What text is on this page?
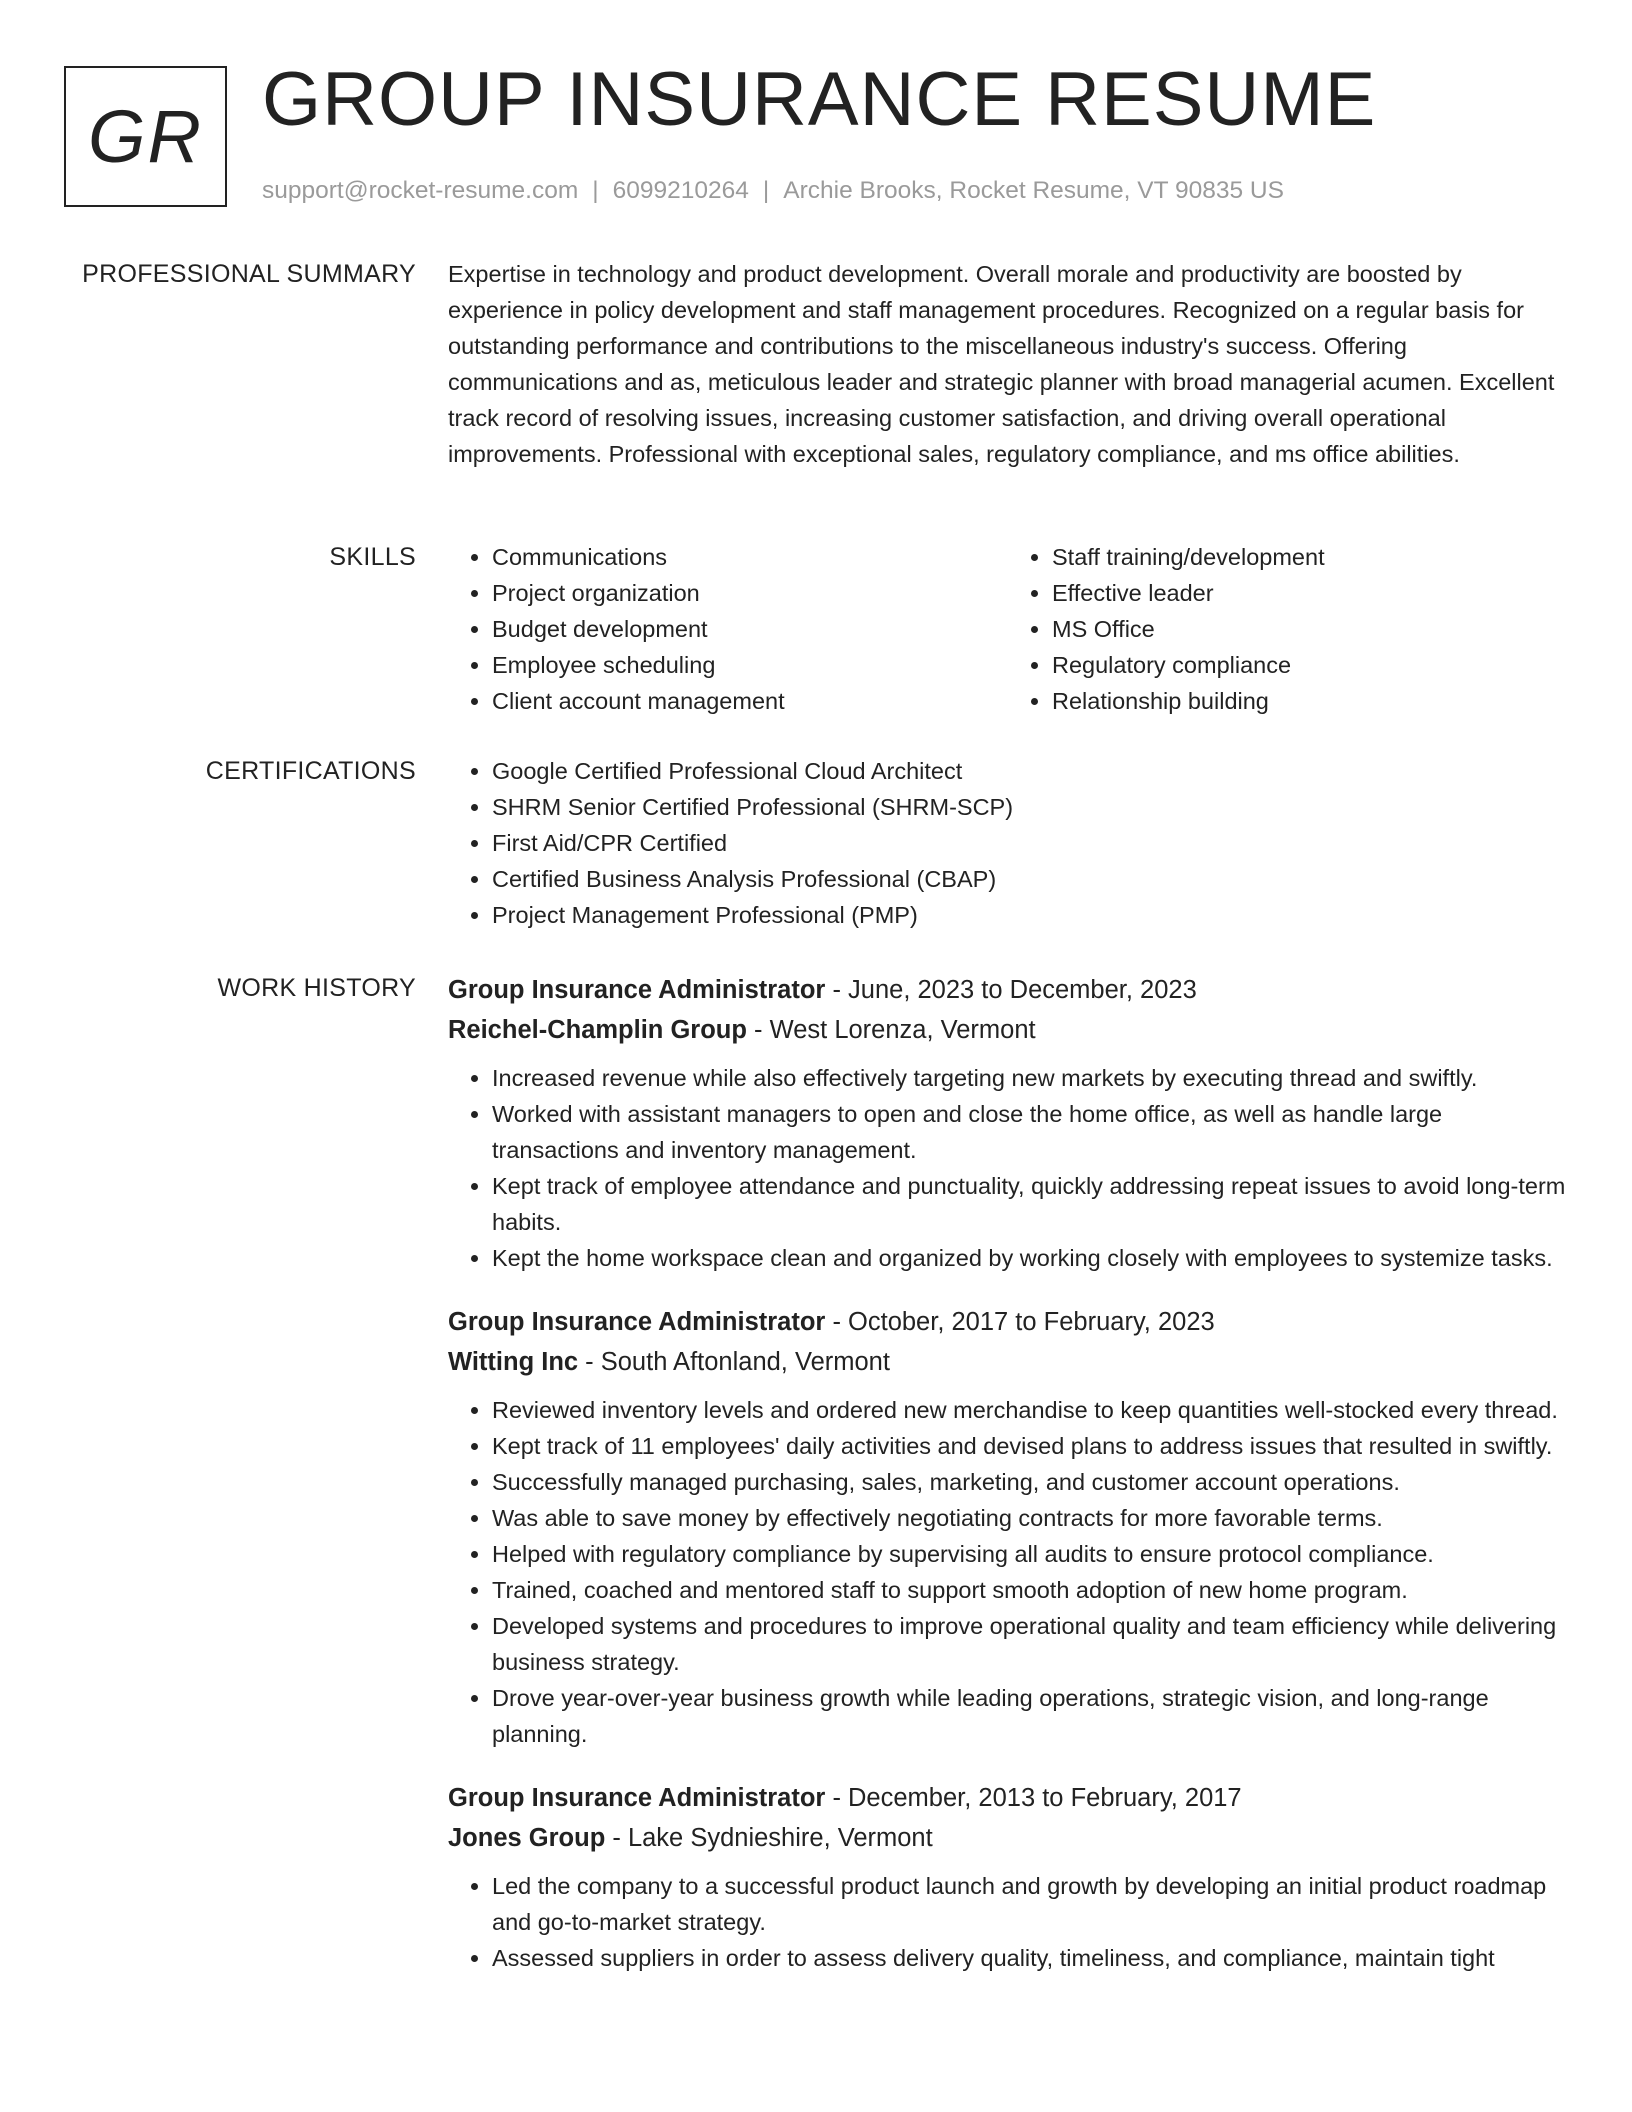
GR GROUP INSURANCE RESUME
support@rocket-resume.com | 6099210264 | Archie Brooks, Rocket Resume, VT 90835 US
PROFESSIONAL SUMMARY Expertise in technology and product development. Overall morale and productivity are boosted by experience in policy development and staff management procedures. Recognized on a regular basis for outstanding performance and contributions to the miscellaneous industry's success. Offering communications and as, meticulous leader and strategic planner with broad managerial acumen. Excellent track record of resolving issues, increasing customer satisfaction, and driving overall operational improvements. Professional with exceptional sales, regulatory compliance, and ms office abilities.

SKILLS	• Communications
• Project organization
• Budget development
• Employee scheduling
• Client account management
• Staff training/development
• Effective leader
• MS Office
• Regulatory compliance
• Relationship building
CERTIFICATIONS	• Google Certified Professional Cloud Architect
• SHRM Senior Certified Professional (SHRM-SCP)
• First Aid/CPR Certified
• Certified Business Analysis Professional (CBAP)
• Project Management Professional (PMP)
WORK HISTORY Group Insurance Administrator - June, 2023 to December, 2023
Reichel-Champlin Group - West Lorenza, Vermont
• Increased revenue while also effectively targeting new markets by executing thread and swiftly.
• Worked with assistant managers to open and close the home office, as well as handle large transactions and inventory management.
• Kept track of employee attendance and punctuality, quickly addressing repeat issues to avoid long-term habits.
• Kept the home workspace clean and organized by working closely with employees to systemize tasks.
Group Insurance Administrator - October, 2017 to February, 2023
Witting Inc - South Aftonland, Vermont
• Reviewed inventory levels and ordered new merchandise to keep quantities well-stocked every thread.
• Kept track of 11 employees' daily activities and devised plans to address issues that resulted in swiftly.
• Successfully managed purchasing, sales, marketing, and customer account operations.
• Was able to save money by effectively negotiating contracts for more favorable terms.
• Helped with regulatory compliance by supervising all audits to ensure protocol compliance.
• Trained, coached and mentored staff to support smooth adoption of new home program.
• Developed systems and procedures to improve operational quality and team efficiency while delivering business strategy.
• Drove year-over-year business growth while leading operations, strategic vision, and long-range planning.
Group Insurance Administrator - December, 2013 to February, 2017
Jones Group - Lake Sydnieshire, Vermont
• Led the company to a successful product launch and growth by developing an initial product roadmap and go-to-market strategy.
• Assessed suppliers in order to assess delivery quality, timeliness, and compliance, maintain tight
